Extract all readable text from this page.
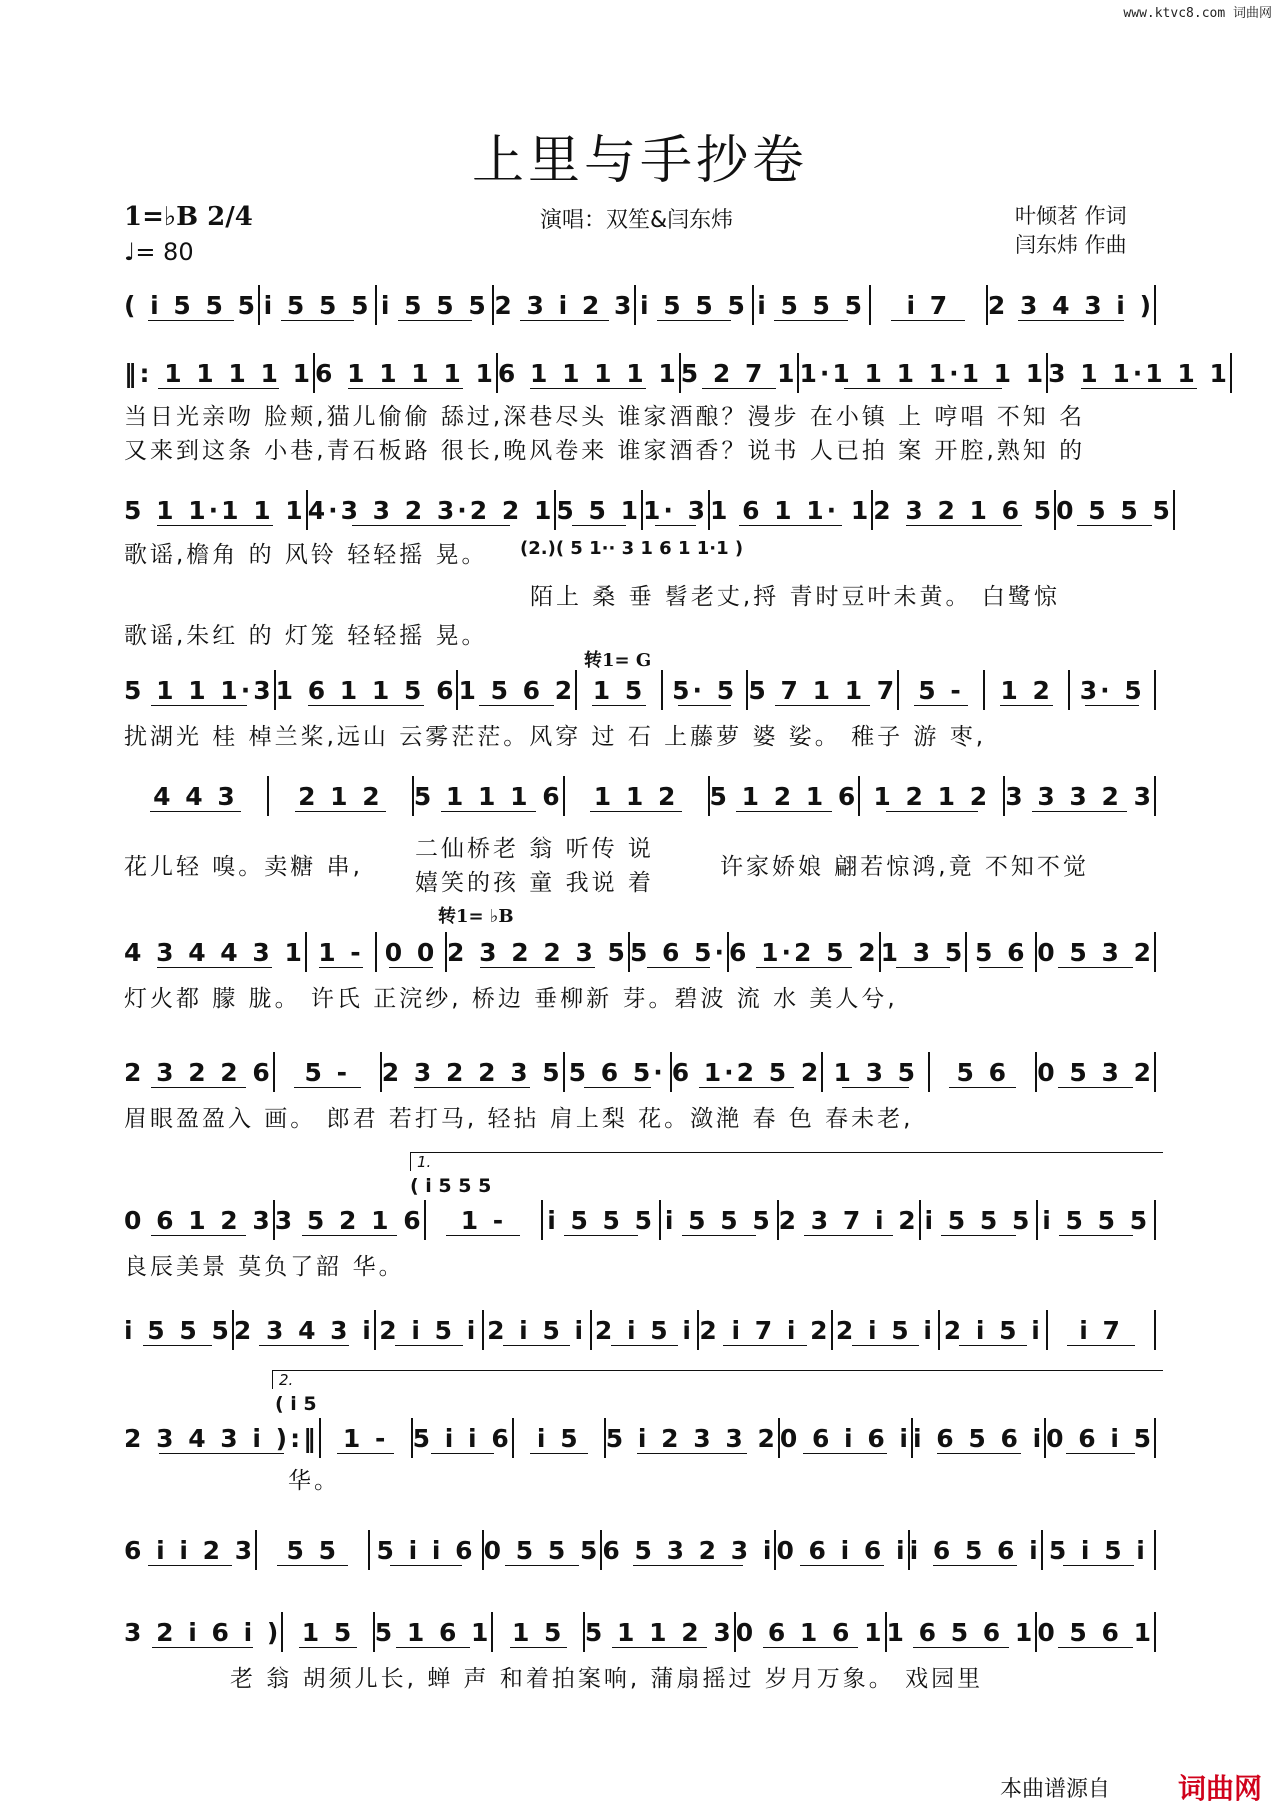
www.ktvc8.com 词曲网
上里与手抄卷
1=♭B 2/4
♩= 80
演唱：双笙&闫东炜	叶倾茗 作词
闫东炜 作曲
( i 5 5 5 i 5 5 5 i 5 5 5 2 3 i 2 3 i 5 5 5 i 5 5 5	i 7	2 3 4 3 i )
‖: 1 1 1 1 1 6 1 1 1 1 1 6 1 1 1 1 1 5 2 7 1 1·1 1 1 1·1 1 1 3 1 1·1 1 1
当日光亲吻 脸颊,猫儿偷偷 舔过,深巷尽头 谁家酒酿？漫步 在小镇 上 哼唱 不知 名
又来到这条 小巷,青石板路 很长,晚风卷来 谁家酒香？说书 人已拍 案 开腔,熟知 的
5 1 1·1 1 1 4·3 3 2 3·2 2 1 5 5 1 1· 3 1 6 1 1· 1 2 3 2 1 6 5 0 5 5 5
歌谣,檐角 的 风铃 轻轻摇 晃。	(2.)( 5 1·· 3 1 6 1 1·1 )
陌上 桑 垂 髫老丈,捋 青时豆叶未黄。 白鹭惊
歌谣,朱红 的 灯笼 轻轻摇 晃。
转1= G
5 1 1 1·3 1 6 1 1 5 6 1 5 6 2 1 5	5· 5 5 7 1 1 7 5 -	1 2	3· 5
扰湖光 桂 棹兰桨,远山 云雾茫茫。风穿 过 石 上藤萝 婆 娑。 稚子 游 枣,
4 4 3	2 1 2	5 1 1 1 6	1 1 2	5 1 2 1 6 1 2 1 2 3 3 3 2 3
花儿轻 嗅。卖糖 串,
二仙桥老 翁 听传 说
嬉笑的孩 童 我说 着
许家娇娘 翩若惊鸿,竟 不知不觉
转1= ♭B
4 3 4 4 3 1 1 - 0 0 2 3 2 2 3 5 5 6 5· 6 1·2 5 2 1 3 5 5 6 0 5 3 2
灯火都 朦 胧。 许氏 正浣纱, 桥边 垂柳新 芽。碧波 流 水 美人兮,
2 3 2 2 6	5 -	2 3 2 2 3 5 5 6 5· 6 1·2 5 2 1 3 5	5 6	0 5 3 2
眉眼盈盈入 画。 郎君 若打马, 轻拈 肩上梨 花。潋滟 春 色 春未老,
1.
( i 5 5 5
0 6 1 2 3 3 5 2 1 6	1 -	i 5 5 5 i 5 5 5 2 3 7 i 2 i 5 5 5 i 5 5 5
良辰美景 莫负了韶 华。
i 5 5 5 2 3 4 3 i 2 i 5 i 2 i 5 i 2 i 5 i 2 i 7 i 2 2 i 5 i 2 i 5 i	i 7
2.
( i 5
2 3 4 3 i ):‖ 1 - 5 i i 6	i 5	5 i 2 3 3 2 0 6 i 6 i i 6 5 6 i 0 6 i 5
华。
6 i i 2 3	5 5	5 i i 6 0 5 5 5 6 5 3 2 3 i 0 6 i 6 i i 6 5 6 i 5 i 5 i
3 2 i 6 i ) 1 5 5 1 6 1 1 5 5 1 1 2 3 0 6 1 6 1 1 6 5 6 1 0 5 6 1
老 翁 胡须儿长, 蝉 声 和着拍案响, 蒲扇摇过 岁月万象。 戏园里
本曲谱源自 词曲网
